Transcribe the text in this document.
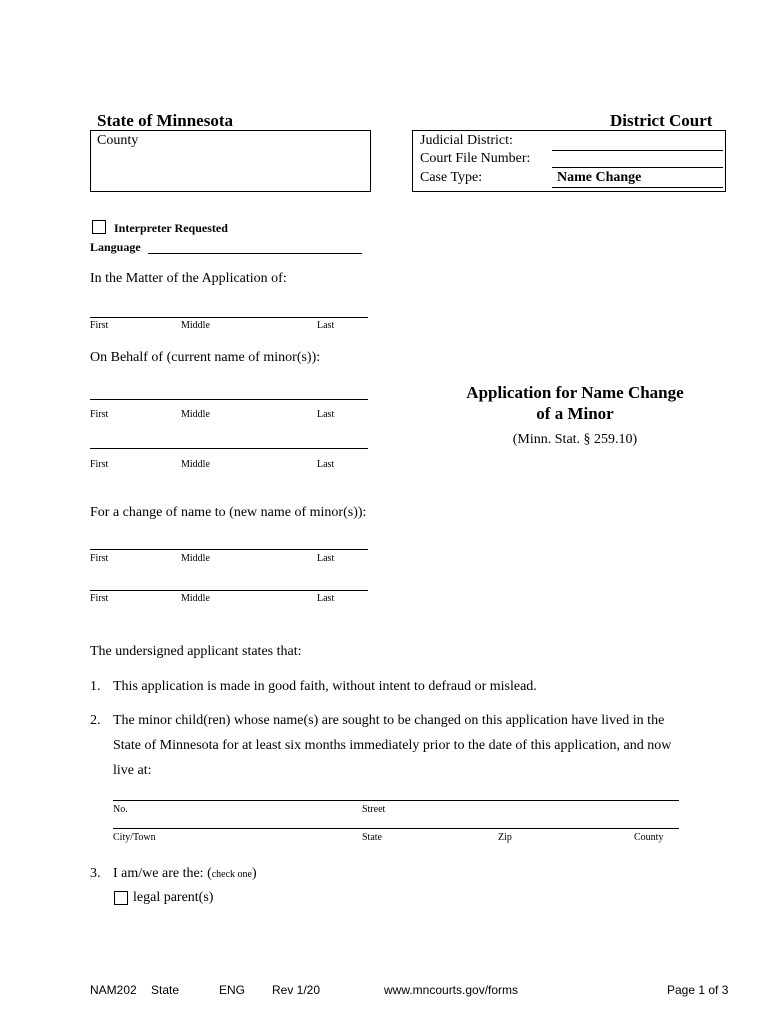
State of Minnesota	District Court
County	Judicial District:
Court File Number:
Case Type:	Name Change
Interpreter Requested
Language
In the Matter of the Application of:
First	Middle	Last
On Behalf of (current name of minor(s)):
First	Middle	Last
First	Middle	Last
Application for Name Change
of a Minor
(Minn. Stat. § 259.10)
For a change of name to (new name of minor(s)):
First	Middle	Last
First	Middle	Last
The undersigned applicant states that:
1. This application is made in good faith, without intent to defraud or mislead.
2. The minor child(ren) whose name(s) are sought to be changed on this application have lived in the
State of Minnesota for at least six months immediately prior to the date of this application, and now
live at:
No.	Street
City/Town	State	Zip	County
3. I am/we are the: (check one)
legal parent(s)
NAM202 State	ENG Rev 1/20	www.mncourts.gov/forms	Page 1 of 3
